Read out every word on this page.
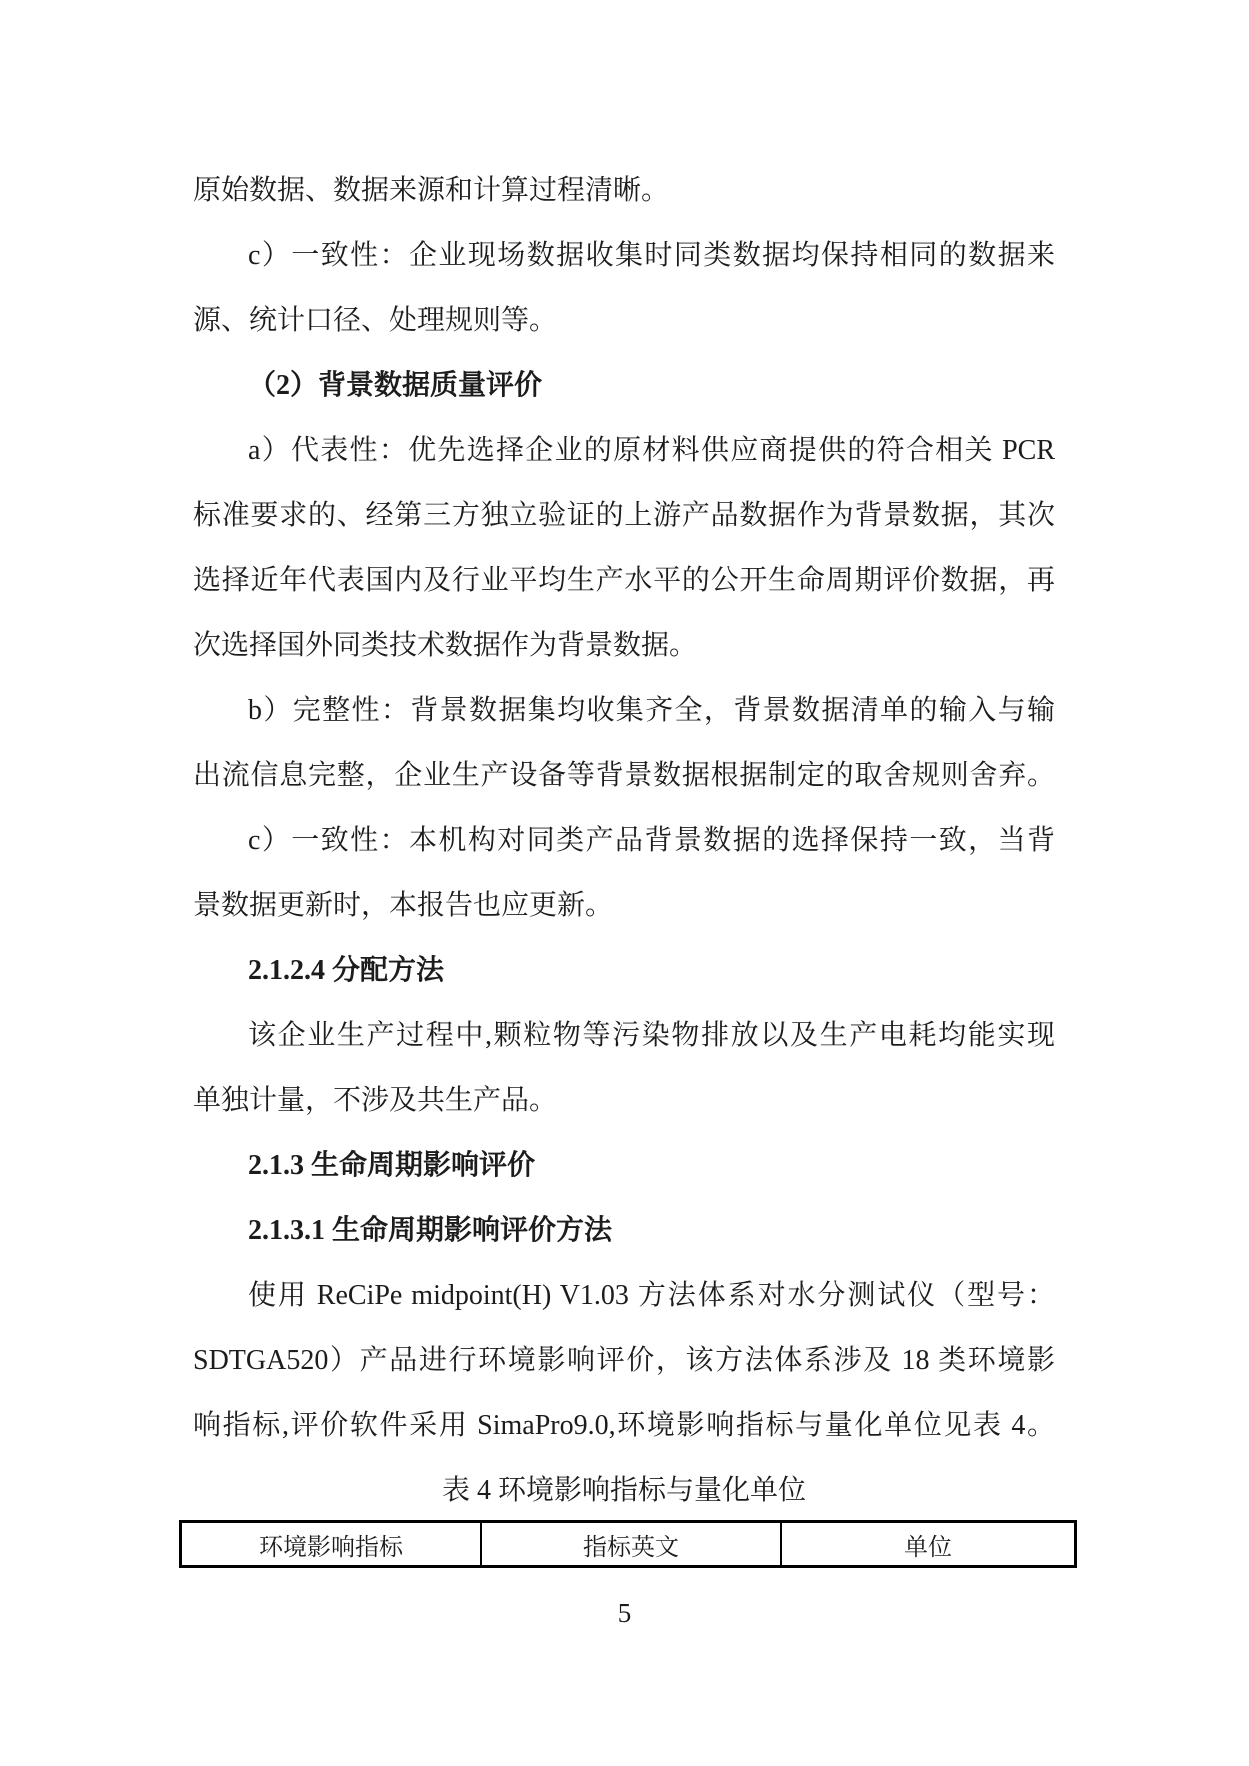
原始数据、数据来源和计算过程清晰。
c）一致性：企业现场数据收集时同类数据均保持相同的数据来
源、统计口径、处理规则等。
（2）背景数据质量评价
a）代表性：优先选择企业的原材料供应商提供的符合相关 PCR
标准要求的、经第三方独立验证的上游产品数据作为背景数据，其次
选择近年代表国内及行业平均生产水平的公开生命周期评价数据，再
次选择国外同类技术数据作为背景数据。
b）完整性：背景数据集均收集齐全，背景数据清单的输入与输
出流信息完整，企业生产设备等背景数据根据制定的取舍规则舍弃。
c）一致性：本机构对同类产品背景数据的选择保持一致，当背
景数据更新时，本报告也应更新。
2.1.2.4 分配方法
该企业生产过程中,颗粒物等污染物排放以及生产电耗均能实现
单独计量，不涉及共生产品。
2.1.3 生命周期影响评价
2.1.3.1 生命周期影响评价方法
使用 ReCiPe midpoint(H) V1.03 方法体系对水分测试仪（型号：
SDTGA520）产品进行环境影响评价，该方法体系涉及 18 类环境影
响指标,评价软件采用 SimaPro9.0,环境影响指标与量化单位见表 4。
表 4 环境影响指标与量化单位
环境影响指标	指标英文	单位
5
